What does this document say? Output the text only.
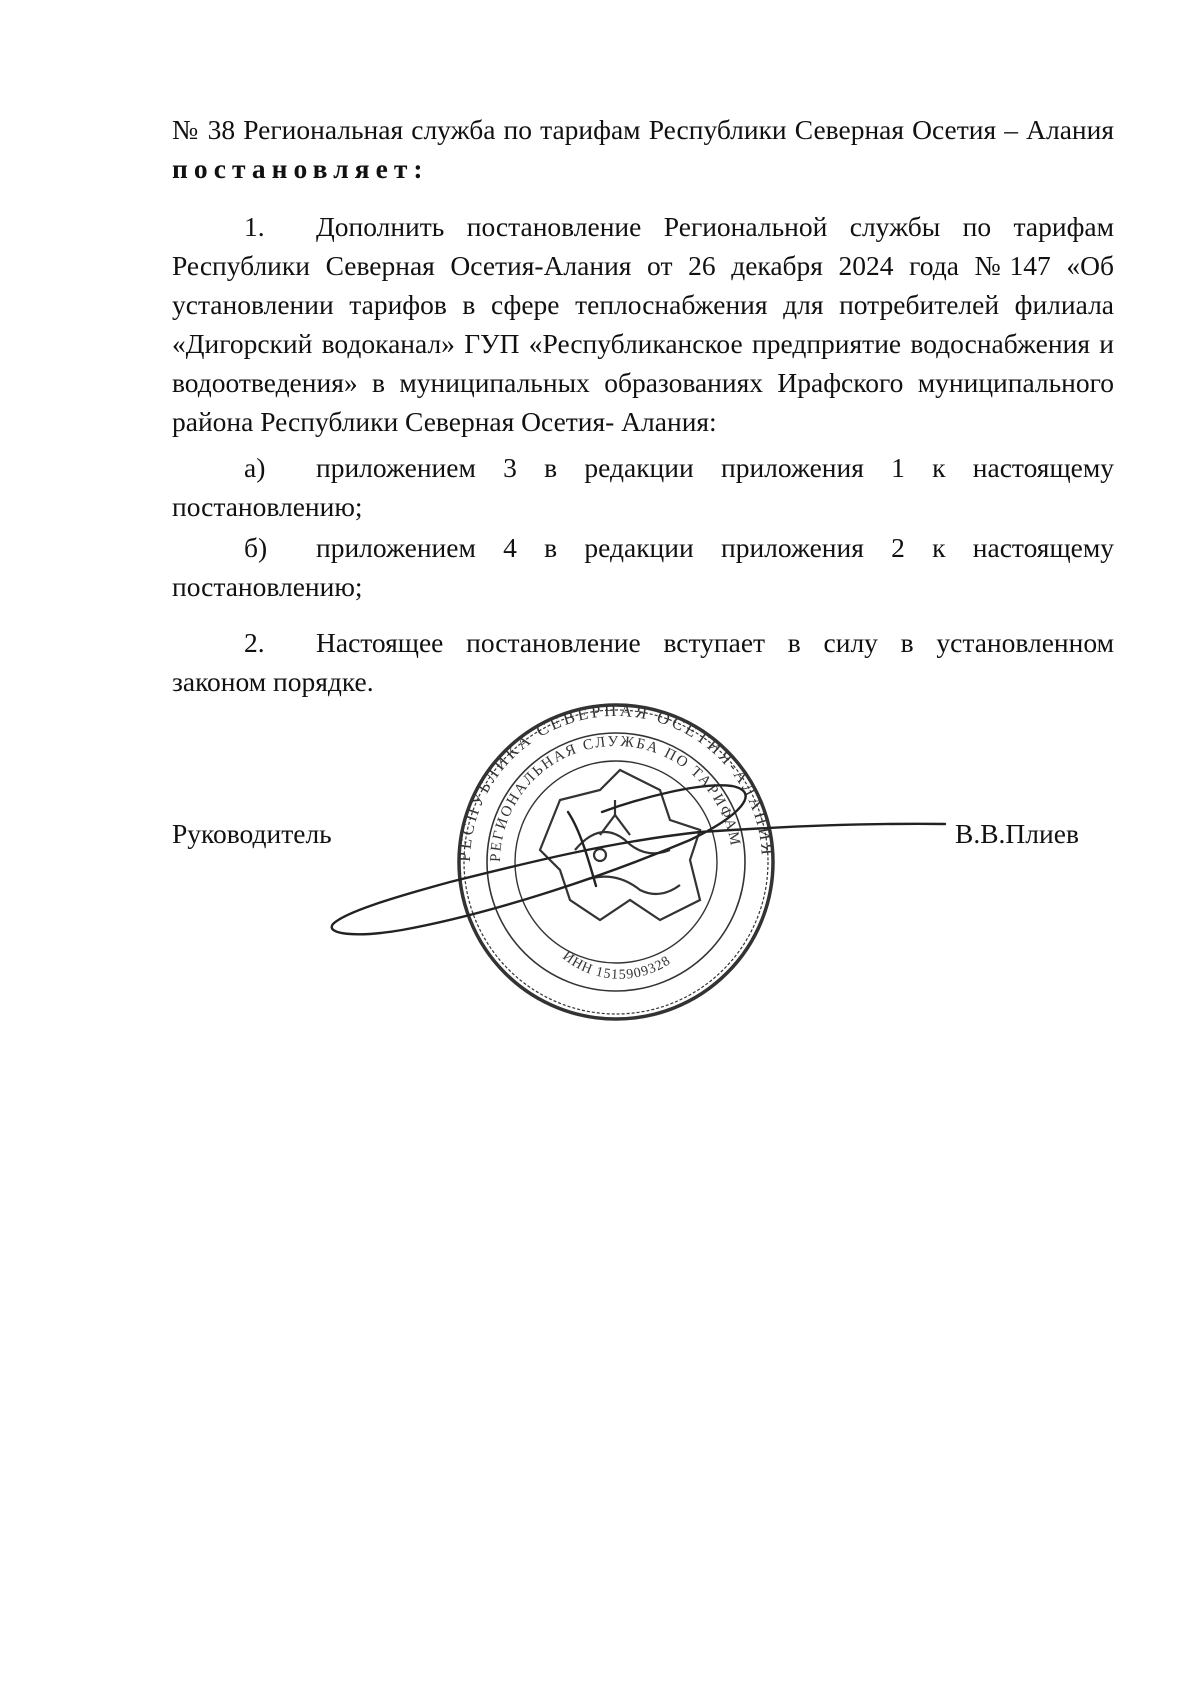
№ 38 Региональная служба по тарифам Республики Северная Осетия – Алания постановляет:

1. Дополнить постановление Региональной службы по тарифам Республики Северная Осетия-Алания от 26 декабря 2024 года №147 «Об установлении тарифов в сфере теплоснабжения для потребителей филиала «Дигорский водоканал» ГУП «Республиканское предприятие водоснабжения и водоотведения» в муниципальных образованиях Ирафского муниципального района Республики Северная Осетия- Алания:

а) приложением 3 в редакции приложения 1 к настоящему постановлению;

б) приложением 4 в редакции приложения 2 к настоящему постановлению;

2. Настоящее постановление вступает в силу в установленном законом порядке.

РЕСПУБЛИКА СЕВЕРНАЯ ОСЕТИЯ-АЛАНИЯ
РЕГИОНАЛЬНАЯ СЛУЖБА ПО ТАРИФАМ
ИНН 1515909328
Руководитель	В.В.Плиев
